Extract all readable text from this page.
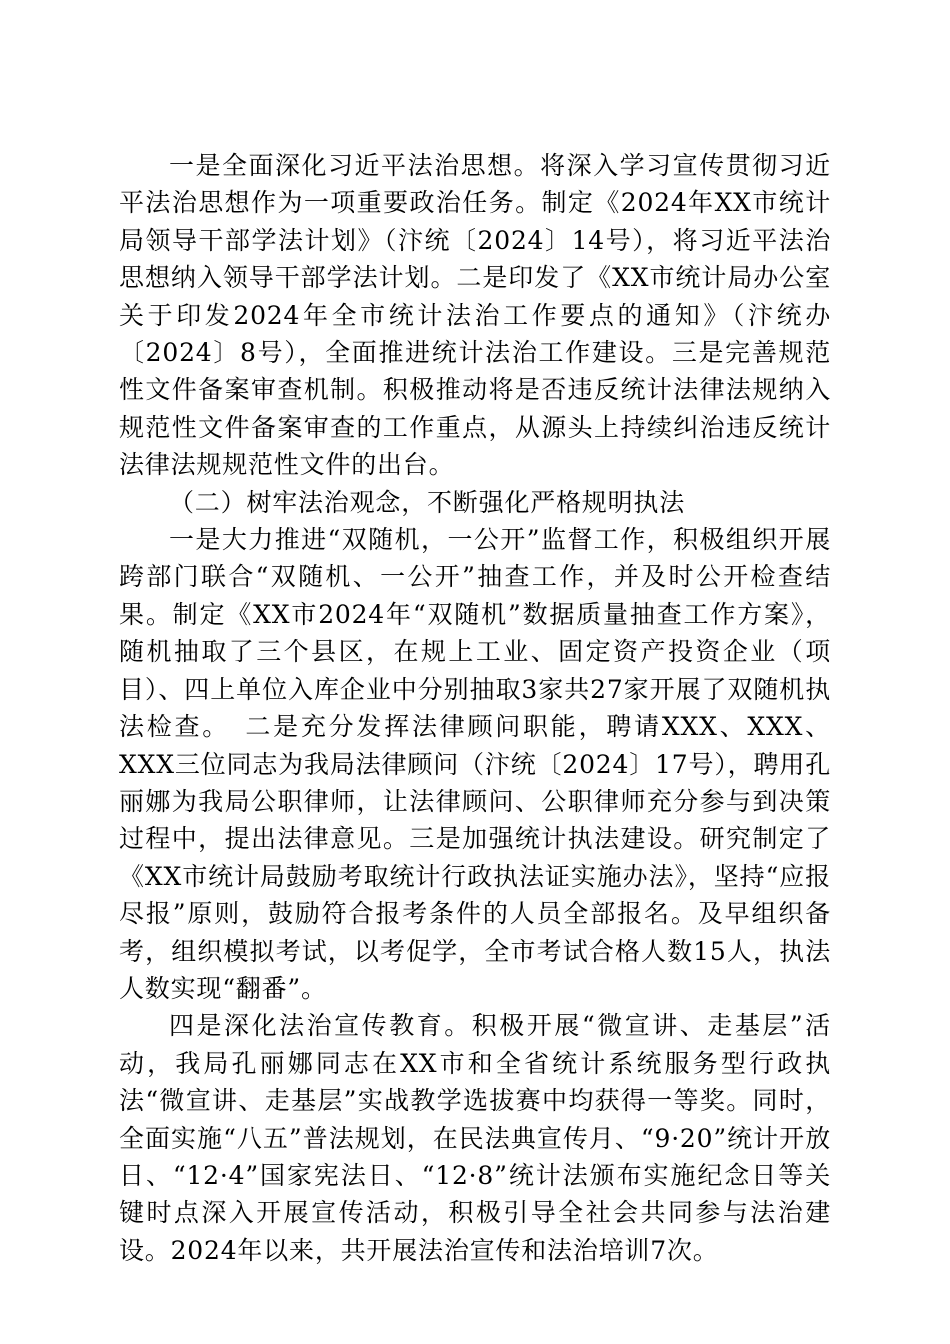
一是全面深化习近平法治思想。将深入学习宣传贯彻习近平法治思想作为一项重要政治任务。制定《2024年XX市统计局领导干部学法计划》（汴统〔2024〕14号），将习近平法治思想纳入领导干部学法计划。二是印发了《XX市统计局办公室关于印发2024年全市统计法治工作要点的通知》（汴统办〔2024〕8号），全面推进统计法治工作建设。三是完善规范性文件备案审查机制。积极推动将是否违反统计法律法规纳入规范性文件备案审查的工作重点，从源头上持续纠治违反统计法律法规规范性文件的出台。

（二）树牢法治观念，不断强化严格规明执法

一是大力推进“双随机，一公开”监督工作，积极组织开展跨部门联合“双随机、一公开”抽查工作，并及时公开检查结果。制定《XX市2024年“双随机”数据质量抽查工作方案》，随机抽取了三个县区，在规上工业、固定资产投资企业（项目）、四上单位入库企业中分别抽取3家共27家开展了双随机执法检查。　二是充分发挥法律顾问职能，聘请XXX、XXX、XXX三位同志为我局法律顾问（汴统〔2024〕17号），聘用孔丽娜为我局公职律师，让法律顾问、公职律师充分参与到决策过程中，提出法律意见。三是加强统计执法建设。研究制定了《XX市统计局鼓励考取统计行政执法证实施办法》，坚持“应报尽报”原则，鼓励符合报考条件的人员全部报名。及早组织备考，组织模拟考试，以考促学，全市考试合格人数15人，执法人数实现“翻番”。

四是深化法治宣传教育。积极开展“微宣讲、走基层”活动，我局孔丽娜同志在XX市和全省统计系统服务型行政执法“微宣讲、走基层”实战教学选拔赛中均获得一等奖。同时，全面实施“八五”普法规划，在民法典宣传月、“9·20”统计开放日、“12·4”国家宪法日、“12·8”统计法颁布实施纪念日等关键时点深入开展宣传活动，积极引导全社会共同参与法治建设。2024年以来，共开展法治宣传和法治培训7次。
